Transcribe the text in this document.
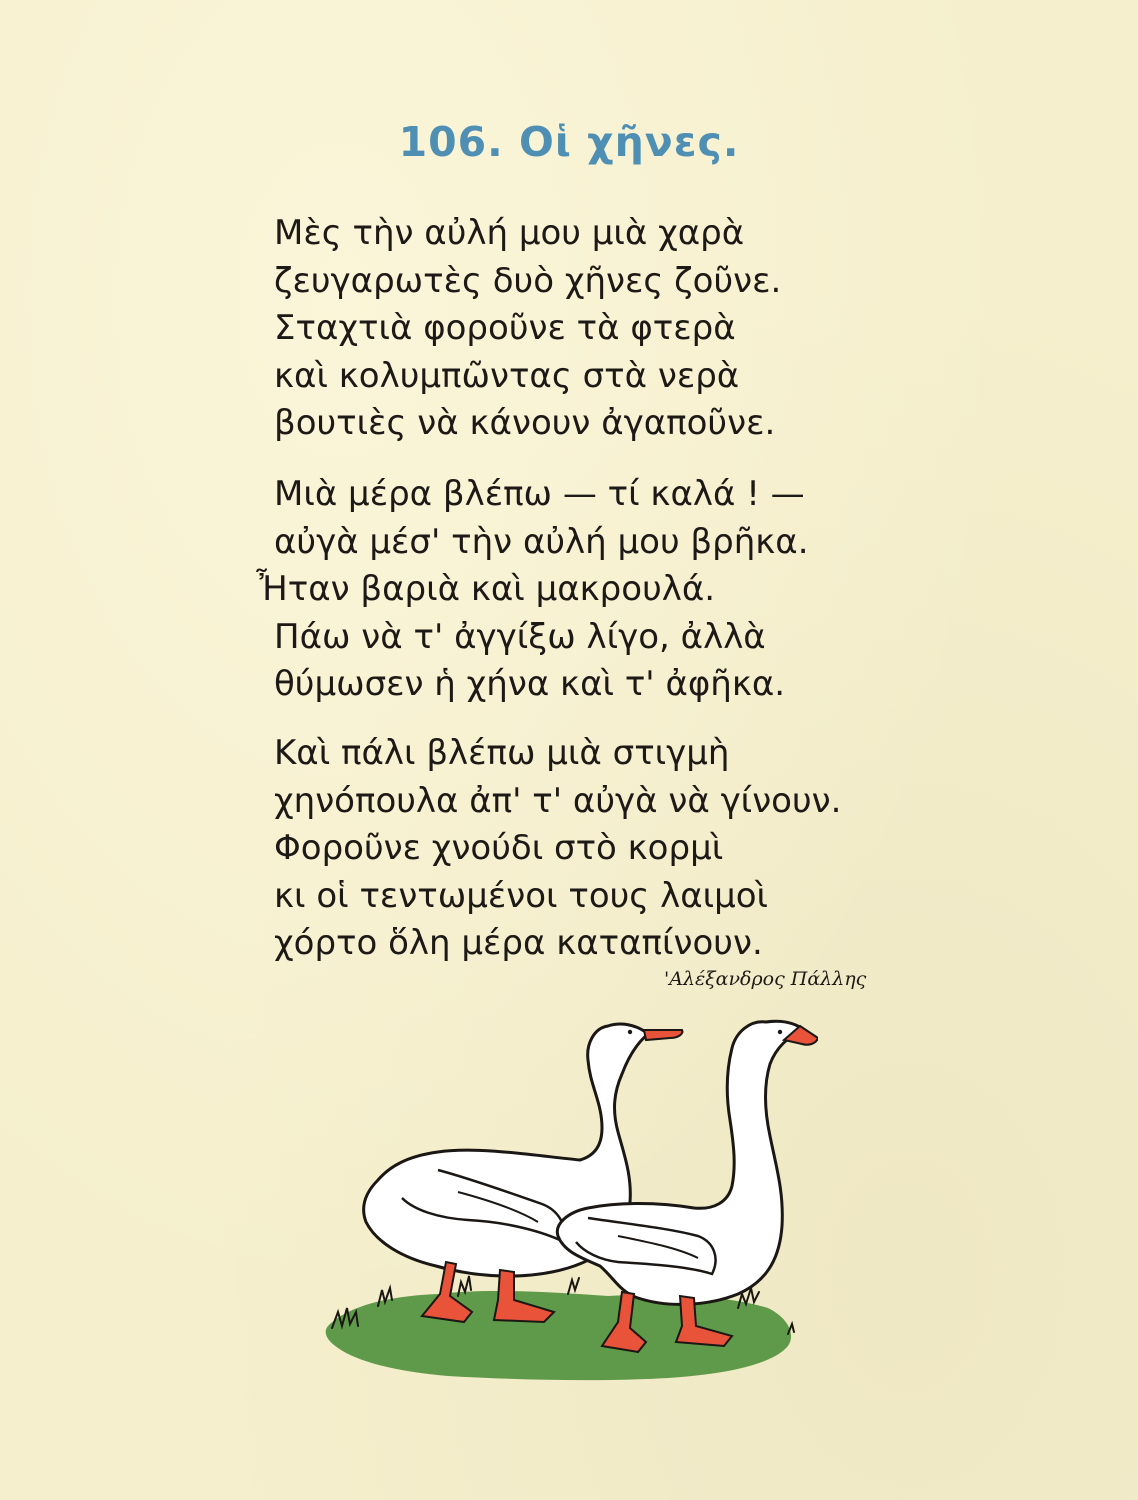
106. Οἱ χῆνες.

Μὲς τὴν αὐλή μου μιὰ χαρὰ
ζευγαρωτὲς δυὸ χῆνες ζοῦνε.
Σταχτιὰ φοροῦνε τὰ φτερὰ
καὶ κολυμπῶντας στὰ νερὰ
βουτιὲς νὰ κάνουν ἀγαποῦνε.

Μιὰ μέρα βλέπω — τί καλά ! —
αὐγὰ μέσ' τὴν αὐλή μου βρῆκα.
Ἦταν βαριὰ καὶ μακρουλά.
Πάω νὰ τ' ἀγγίξω λίγο, ἀλλὰ
θύμωσεν ἡ χήνα καὶ τ' ἀφῆκα.

Καὶ πάλι βλέπω μιὰ στιγμὴ
χηνόπουλα ἀπ' τ' αὐγὰ νὰ γίνουν.
Φοροῦνε χνούδι στὸ κορμὶ
κι οἱ τεντωμένοι τους λαιμοὶ
χόρτο ὅλη μέρα καταπίνουν.

'Αλέξανδρος Πάλλης
